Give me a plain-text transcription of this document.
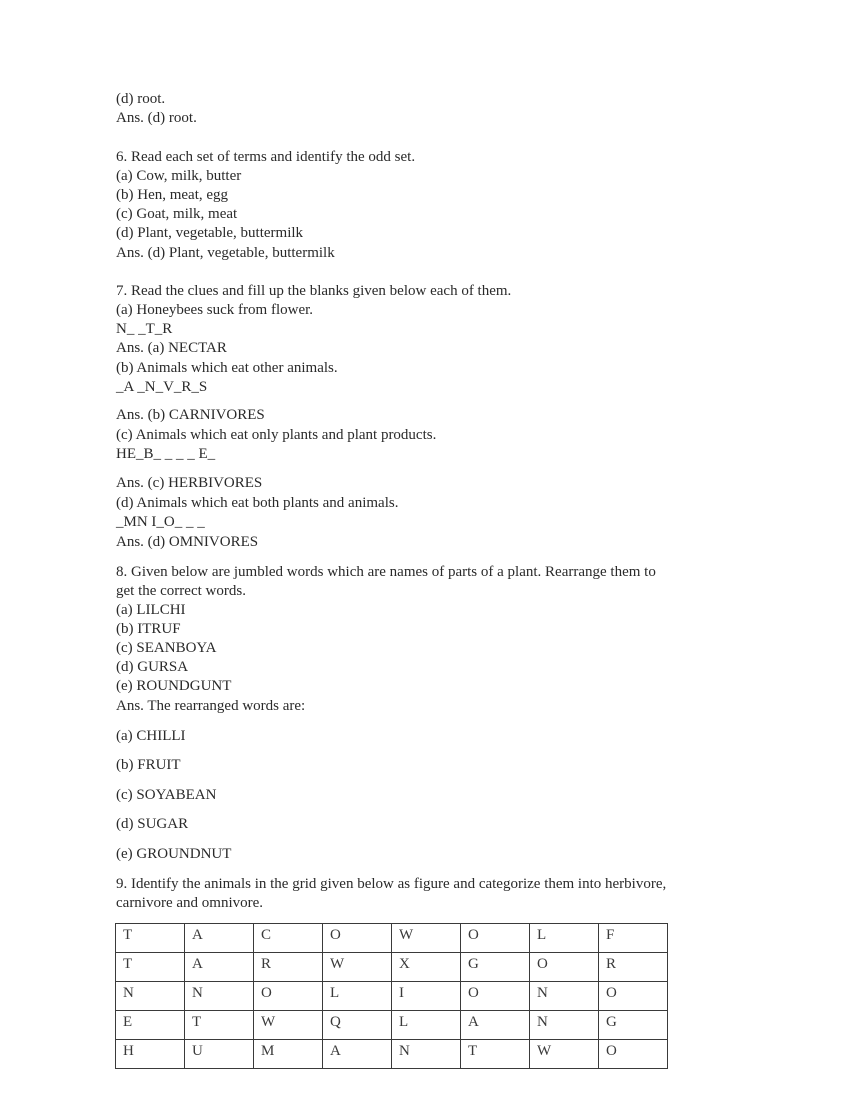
(d) root.
Ans. (d) root.
6. Read each set of terms and identify the odd set.
(a) Cow, milk, butter
(b) Hen, meat, egg
(c) Goat, milk, meat
(d) Plant, vegetable, buttermilk
Ans. (d) Plant, vegetable, buttermilk
7. Read the clues and fill up the blanks given below each of them.
(a) Honeybees suck from flower.
N_ _T_R
Ans. (a) NECTAR
(b) Animals which eat other animals.
_A _N_V_R_S
Ans. (b) CARNIVORES
(c) Animals which eat only plants and plant products.
HE_B_ _ _ _ E_
Ans. (c) HERBIVORES
(d) Animals which eat both plants and animals.
_MN I_O_ _ _
Ans. (d) OMNIVORES
8. Given below are jumbled words which are names of parts of a plant. Rearrange them to
get the correct words.
(a) LILCHI
(b) ITRUF
(c) SEANBOYA
(d) GURSA
(e) ROUNDGUNT
Ans. The rearranged words are:
(a) CHILLI
(b) FRUIT
(c) SOYABEAN
(d) SUGAR
(e) GROUNDNUT
9. Identify the animals in the grid given below as figure and categorize them into herbivore,
carnivore and omnivore.
T	A	C	O	W	O	L	F
T	A	R	W	X	G	O	R
N	N	O	L	I	O	N	O
E	T	W	Q	L	A	N	G
H	U	M	A	N	T	W	O
